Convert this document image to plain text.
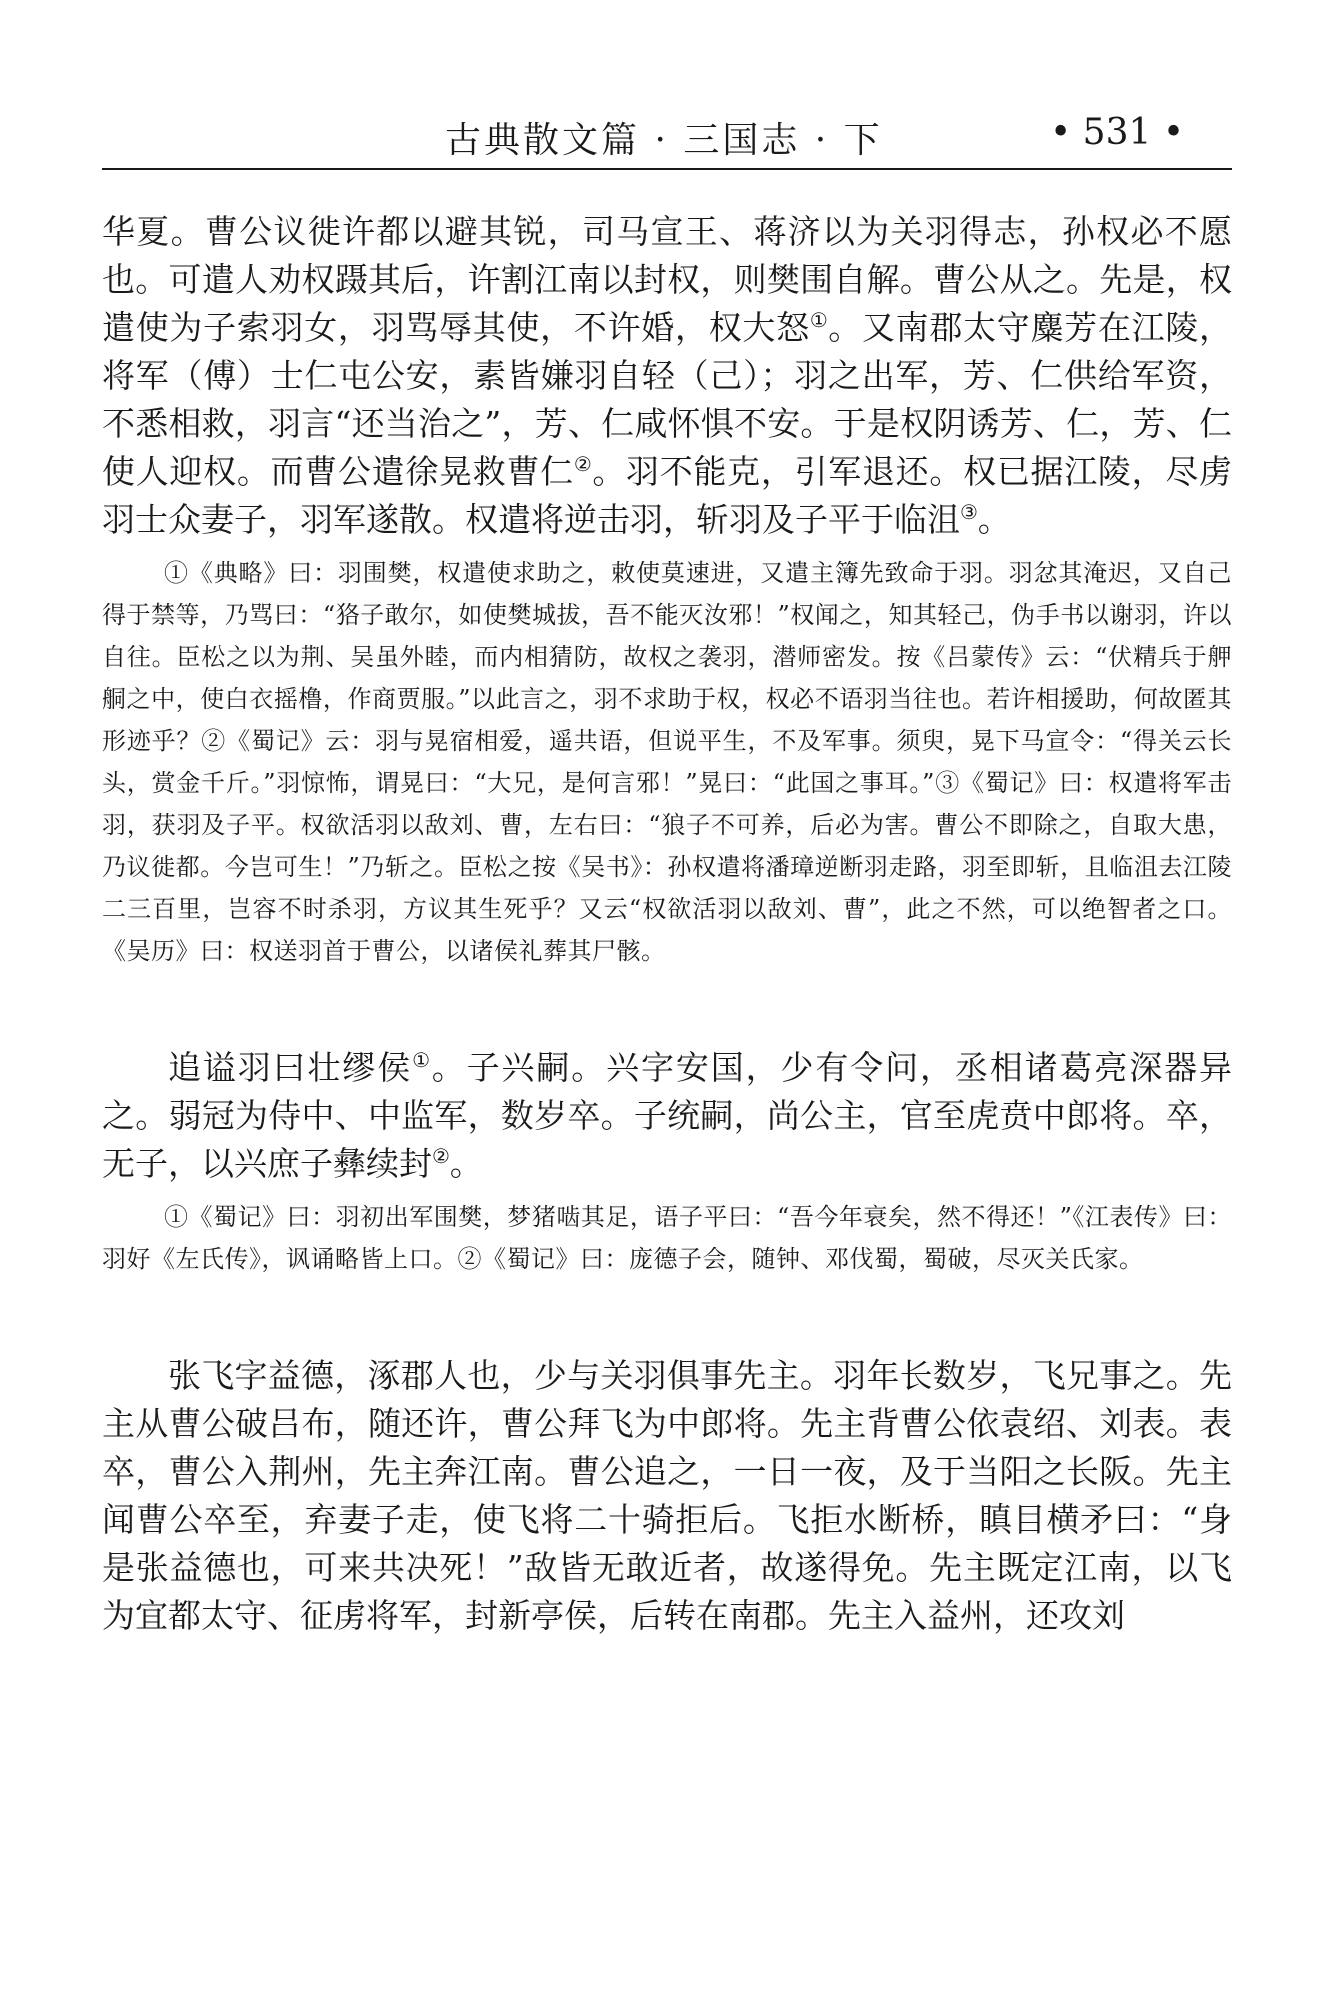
古典散文篇 · 三国志 · 下	• 531 •

华夏。曹公议徙许都以避其锐，司马宣王、蒋济以为关羽得志，孙权必不愿也。可遣人劝权蹑其后，许割江南以封权，则樊围自解。曹公从之。先是，权遣使为子索羽女，羽骂辱其使，不许婚，权大怒①。又南郡太守麋芳在江陵，将军（傅）士仁屯公安，素皆嫌羽自轻（己）；羽之出军，芳、仁供给军资，不悉相救，羽言“还当治之”，芳、仁咸怀惧不安。于是权阴诱芳、仁，芳、仁使人迎权。而曹公遣徐晃救曹仁②。羽不能克，引军退还。权已据江陵，尽虏羽士众妻子，羽军遂散。权遣将逆击羽，斩羽及子平于临沮③。

①《典略》曰：羽围樊，权遣使求助之，敕使莫速进，又遣主簿先致命于羽。羽忿其淹迟，又自己得于禁等，乃骂曰：“狢子敢尔，如使樊城拔，吾不能灭汝邪！”权闻之，知其轻己，伪手书以谢羽，许以自往。臣松之以为荆、吴虽外睦，而内相猜防，故权之袭羽，潜师密发。按《吕蒙传》云：“伏精兵于舺𦨴之中，使白衣摇橹，作商贾服。”以此言之，羽不求助于权，权必不语羽当往也。若许相援助，何故匿其形迹乎？②《蜀记》云：羽与晃宿相爱，遥共语，但说平生，不及军事。须臾，晃下马宣令：“得关云长头，赏金千斤。”羽惊怖，谓晃曰：“大兄，是何言邪！”晃曰：“此国之事耳。”③《蜀记》曰：权遣将军击羽，获羽及子平。权欲活羽以敌刘、曹，左右曰：“狼子不可养，后必为害。曹公不即除之，自取大患，乃议徙都。今岂可生！”乃斩之。臣松之按《吴书》：孙权遣将潘璋逆断羽走路，羽至即斩，且临沮去江陵二三百里，岂容不时杀羽，方议其生死乎？又云“权欲活羽以敌刘、曹”，此之不然，可以绝智者之口。《吴历》曰：权送羽首于曹公，以诸侯礼葬其尸骸。

追谥羽曰壮缪侯①。子兴嗣。兴字安国，少有令问，丞相诸葛亮深器异之。弱冠为侍中、中监军，数岁卒。子统嗣，尚公主，官至虎贲中郎将。卒，无子，以兴庶子彝续封②。

①《蜀记》曰：羽初出军围樊，梦猪啮其足，语子平曰：“吾今年衰矣，然不得还！”《江表传》曰：羽好《左氏传》，讽诵略皆上口。②《蜀记》曰：庞德子会，随钟、邓伐蜀，蜀破，尽灭关氏家。

张飞字益德，涿郡人也，少与关羽俱事先主。羽年长数岁，飞兄事之。先主从曹公破吕布，随还许，曹公拜飞为中郎将。先主背曹公依袁绍、刘表。表卒，曹公入荆州，先主奔江南。曹公追之，一日一夜，及于当阳之长阪。先主闻曹公卒至，弃妻子走，使飞将二十骑拒后。飞拒水断桥，瞋目横矛曰：“身是张益德也，可来共决死！”敌皆无敢近者，故遂得免。先主既定江南，以飞为宜都太守、征虏将军，封新亭侯，后转在南郡。先主入益州，还攻刘
